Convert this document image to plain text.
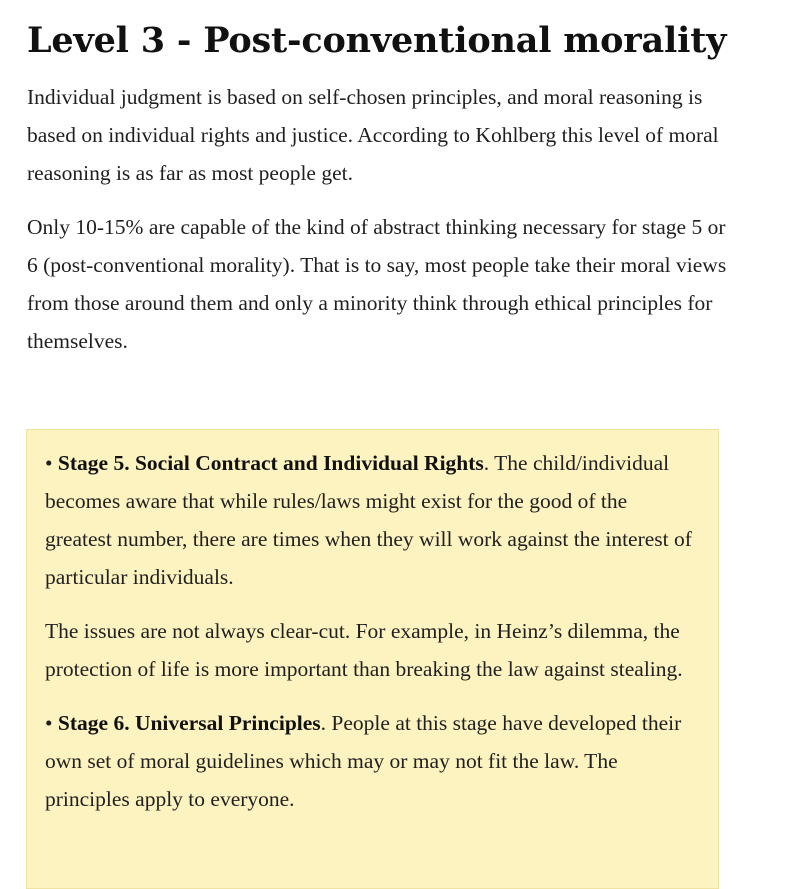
Level 3 - Post-conventional morality

Individual judgment is based on self-chosen principles, and moral reasoning is based on individual rights and justice. According to Kohlberg this level of moral reasoning is as far as most people get.

Only 10-15% are capable of the kind of abstract thinking necessary for stage 5 or 6 (post-conventional morality). That is to say, most people take their moral views from those around them and only a minority think through ethical principles for themselves.

• Stage 5. Social Contract and Individual Rights. The child/individual becomes aware that while rules/laws might exist for the good of the greatest number, there are times when they will work against the interest of particular individuals.

The issues are not always clear-cut. For example, in Heinz’s dilemma, the protection of life is more important than breaking the law against stealing.

• Stage 6. Universal Principles. People at this stage have developed their own set of moral guidelines which may or may not fit the law. The principles apply to everyone.
